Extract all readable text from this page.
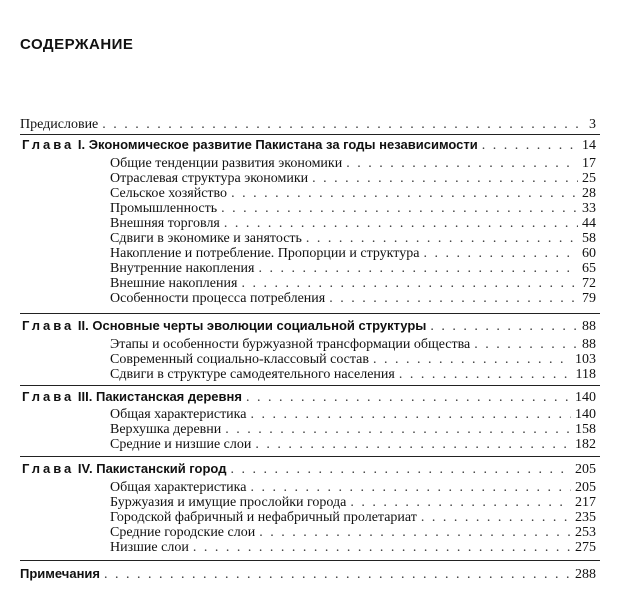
СОДЕРЖАНИЕ
Предисловие . . .	3
Глава I. Экономическое развитие Пакистана за годы независимости . . .	14
Общие тенденции развития экономики . . .	17
Отраслевая структура экономики . . .	25
Сельское хозяйство . . .	28
Промышленность . . .	33
Внешняя торговля . . .	44
Сдвиги в экономике и занятость . . .	58
Накопление и потребление. Пропорции и структура . . .	60
Внутренние накопления . . .	65
Внешние накопления . . .	72
Особенности процесса потребления . . .	79
Глава II. Основные черты эволюции социальной структуры . . .	88
Этапы и особенности буржуазной трансформации общества . . .	88
Современный социально-классовый состав . . .	103
Сдвиги в структуре самодеятельного населения . . .	118
Глава III. Пакистанская деревня . . .	140
Общая характеристика . . .	140
Верхушка деревни . . .	158
Средние и низшие слои . . .	182
Глава IV. Пакистанский город . . .	205
Общая характеристика . . .	205
Буржуазия и имущие прослойки города . . .	217
Городской фабричный и нефабричный пролетариат . . .	235
Средние городские слои . . .	253
Низшие слои . . .	275
Примечания . . .	288
